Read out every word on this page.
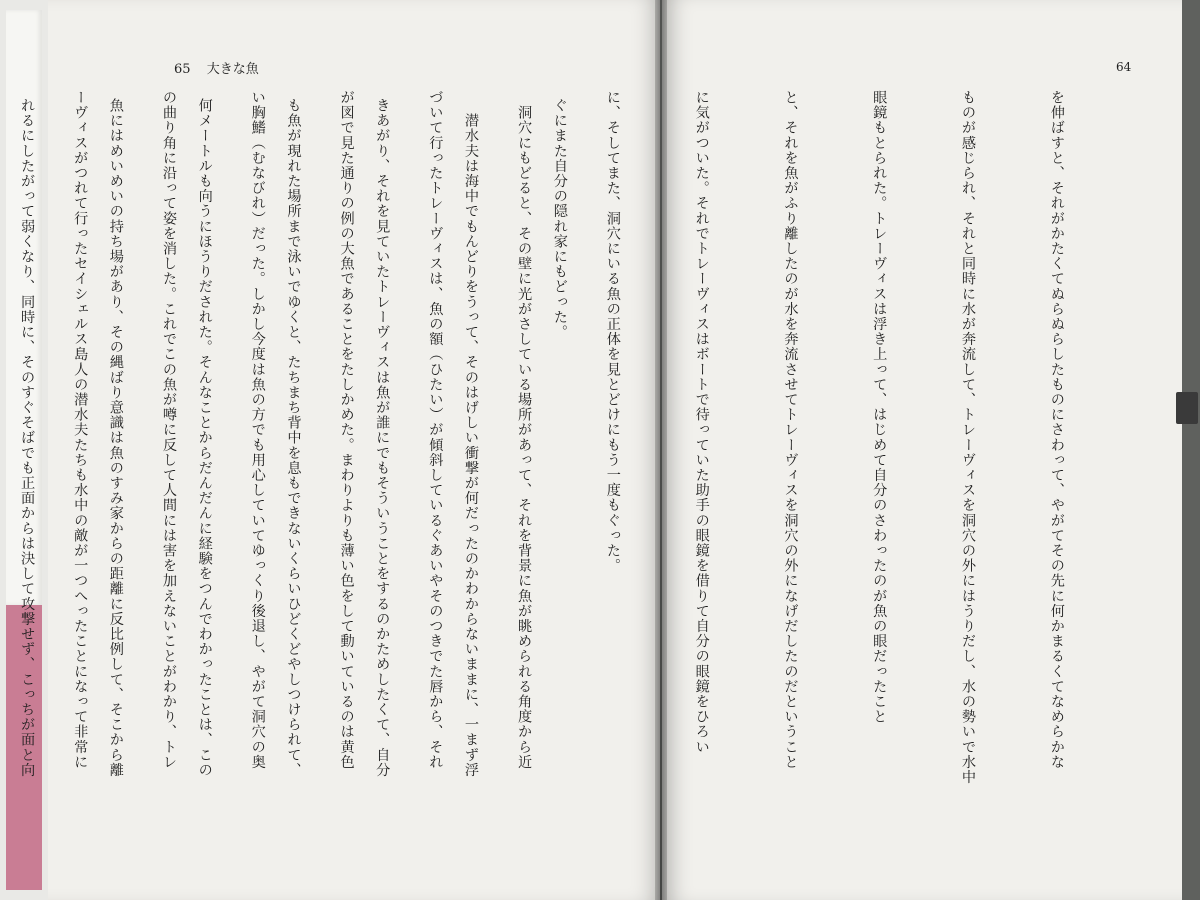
65 大きな魚	64

ぐにまた自分の隠れ家にもどった。

　潜水夫は海中でもんどりをうって、そのはげしい衝撃が何だったのかわからないままに、一まず浮

きあがり、それを見ていたトレーヴィスは魚が誰にでもそういうことをするのかためしたくて、自分

も魚が現れた場所まで泳いでゆくと、たちまち背中を息もできないくらいひどくどやしつけられて、

何メートルも向うにほうりだされた。そんなことからだんだんに経験をつんでわかったことは、この

魚にはめいめいの持ち場があり、その縄ばり意識は魚のすみ家からの距離に反比例して、そこから離

れるにしたがって弱くなり、同時に、そのすぐそばでも正面からは決して攻撃せず、こっちが面と向

	を伸ばすと、それがかたくてぬらぬらしたものにさわって、やがてその先に何かまるくてなめらかな

ものが感じられ、それと同時に水が奔流して、トレーヴィスを洞穴の外にはうりだし、水の勢いで水中

眼鏡もとられた。トレーヴィスは浮き上って、はじめて自分のさわったのが魚の眼だったこと

と、それを魚がふり離したのが水を奔流させてトレーヴィスを洞穴の外になげだしたのだということ

に気がついた。それでトレーヴィスはボートで待っていた助手の眼鏡を借りて自分の眼鏡をひろい

に、そしてまた、洞穴にいる魚の正体を見とどけにもう一度もぐった。

　洞穴にもどると、その壁に光がさしている場所があって、それを背景に魚が眺められる角度から近

づいて行ったトレーヴィスは、魚の額（ひたい）が傾斜しているぐあいやそのつきでた唇から、それ

が図で見た通りの例の大魚であることをたしかめた。まわりよりも薄い色をして動いているのは黄色

い胸鰭（むなびれ）だった。しかし今度は魚の方でも用心していてゆっくり後退し、やがて洞穴の奥

の曲り角に沿って姿を消した。これでこの魚が噂に反して人間には害を加えないことがわかり、トレ

ーヴィスがつれて行ったセイシェルス島人の潜水夫たちも水中の敵が一つへったことになって非常に
